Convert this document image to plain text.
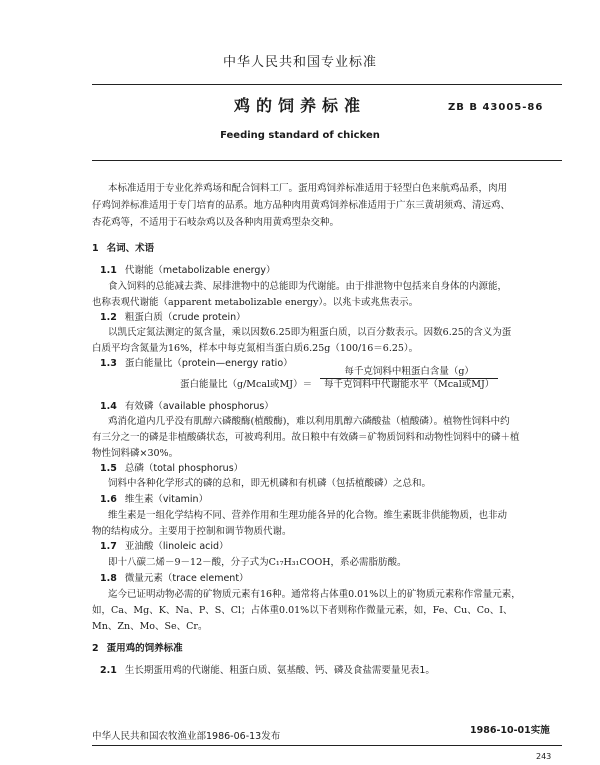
中华人民共和国专业标准
鸡的饲养标准	ZB B 43005-86
Feeding standard of chicken
本标准适用于专业化养鸡场和配合饲料工厂。蛋用鸡饲养标准适用于轻型白色来航鸡品系，肉用
仔鸡饲养标准适用于专门培育的品系。地方品种肉用黄鸡饲养标准适用于广东三黄胡须鸡、清远鸡、
杏花鸡等，不适用于石岐杂鸡以及各种肉用黄鸡型杂交种。
1 名词、术语
1.1 代谢能（metabolizable energy）
食入饲料的总能减去粪、尿排泄物中的总能即为代谢能。由于排泄物中包括来自身体的内源能，
也称表观代谢能（apparent metabolizable energy）。以兆卡或兆焦表示。
1.2 粗蛋白质（crude protein）
以凯氏定氮法测定的氮含量，乘以因数6.25即为粗蛋白质，以百分数表示。因数6.25的含义为蛋
白质平均含氮量为16%，样本中每克氮相当蛋白质6.25g（100/16＝6.25）。
1.3 蛋白能量比（protein—energy ratio）
蛋白能量比（g/Mcal或MJ）＝
每千克饲料中粗蛋白含量（g）
每千克饲料中代谢能水平（Mcal或MJ）
1.4 有效磷（available phosphorus）
鸡消化道内几乎没有肌醇六磷酸酶(植酸酶)，难以利用肌醇六磷酸盐（植酸磷）。植物性饲料中约
有三分之一的磷是非植酸磷状态，可被鸡利用。故日粮中有效磷＝矿物质饲料和动物性饲料中的磷＋植
物性饲料磷×30%。
1.5 总磷（total phosphorus）
饲料中各种化学形式的磷的总和，即无机磷和有机磷（包括植酸磷）之总和。
1.6 维生素（vitamin）
维生素是一组化学结构不同、营养作用和生理功能各异的化合物。维生素既非供能物质，也非动
物的结构成分。主要用于控制和调节物质代谢。
1.7 亚油酸（linoleic acid）
即十八碳二烯－9－12－酸，分子式为C₁₇H₃₁COOH，系必需脂肪酸。
1.8 微量元素（trace element）
迄今已证明动物必需的矿物质元素有16种。通常将占体重0.01%以上的矿物质元素称作常量元素，
如，Ca、Mg、K、Na、P、S、Cl；占体重0.01%以下者则称作微量元素，如，Fe、Cu、Co、I、
Mn、Zn、Mo、Se、Cr。
2 蛋用鸡的饲养标准
2.1 生长期蛋用鸡的代谢能、粗蛋白质、氨基酸、钙、磷及食盐需要量见表1。
中华人民共和国农牧渔业部1986-06-13发布
1986-10-01实施
243
